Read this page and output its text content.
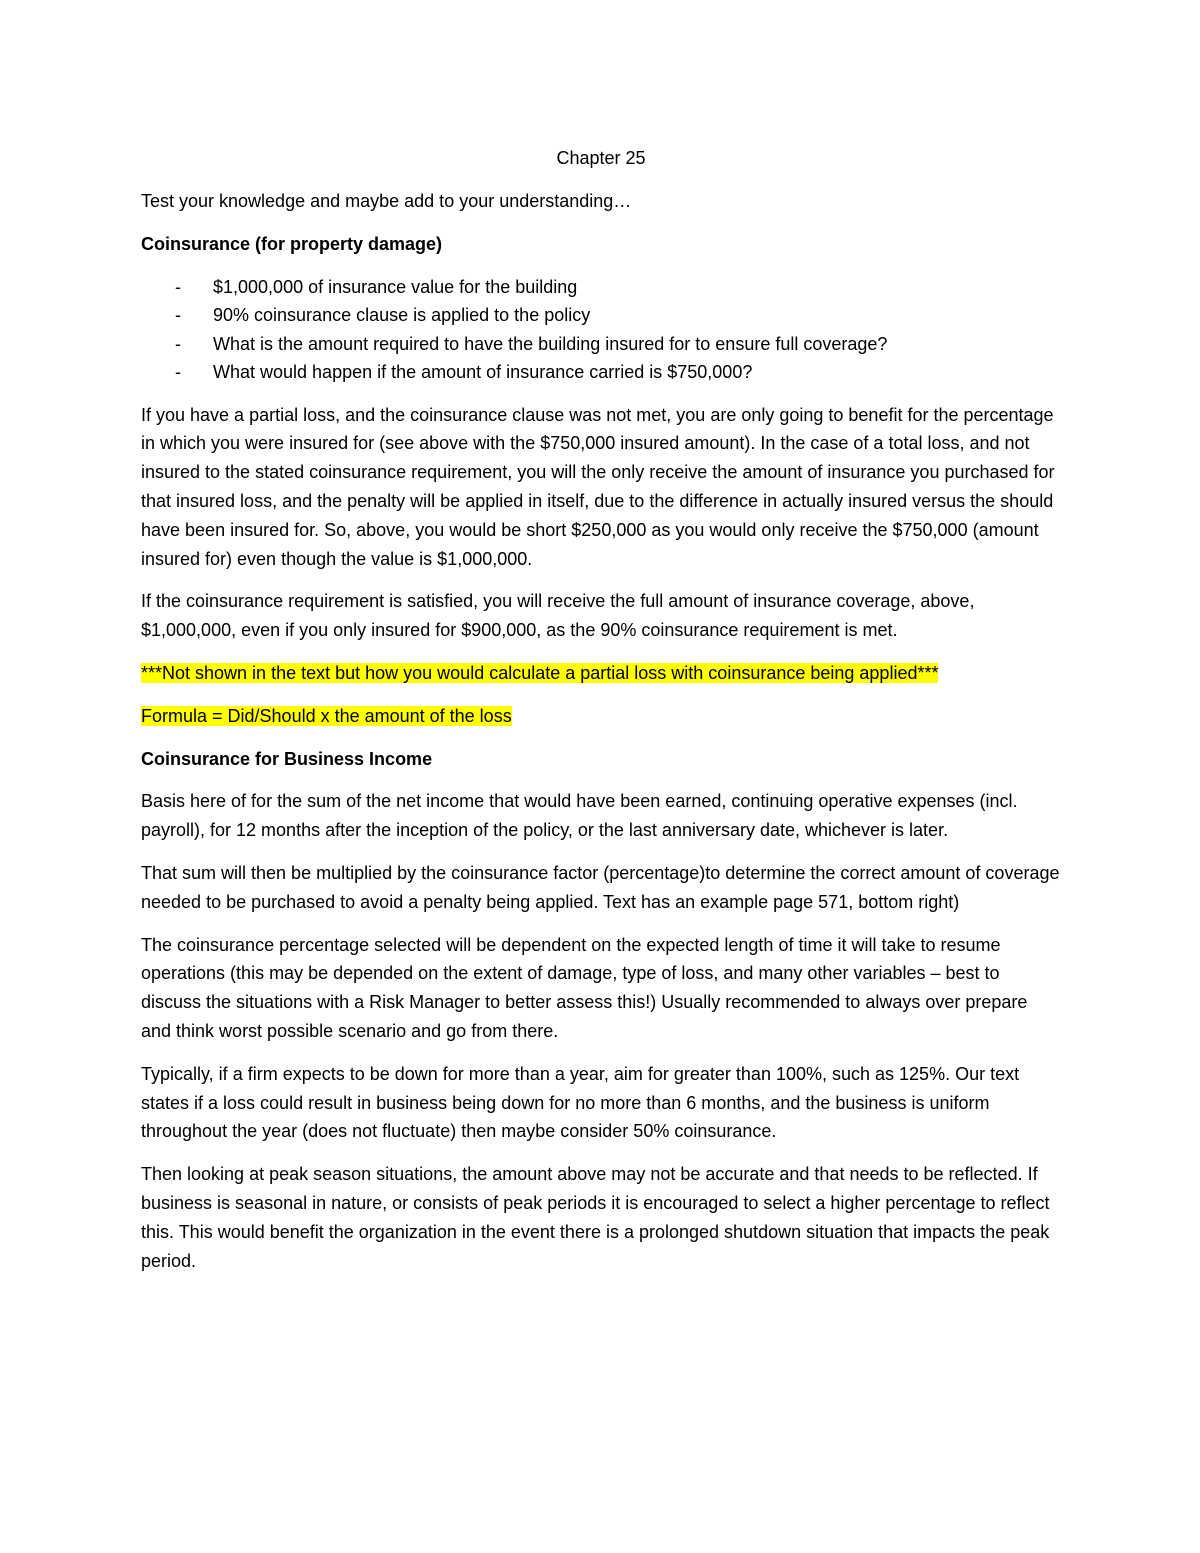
Chapter 25

Test your knowledge and maybe add to your understanding…

Coinsurance (for property damage)

- $1,000,000 of insurance value for the building
- 90% coinsurance clause is applied to the policy
- What is the amount required to have the building insured for to ensure full coverage?
- What would happen if the amount of insurance carried is $750,000?

If you have a partial loss, and the coinsurance clause was not met, you are only going to benefit for the percentage in which you were insured for (see above with the $750,000 insured amount). In the case of a total loss, and not insured to the stated coinsurance requirement, you will the only receive the amount of insurance you purchased for that insured loss, and the penalty will be applied in itself, due to the difference in actually insured versus the should have been insured for. So, above, you would be short $250,000 as you would only receive the $750,000 (amount insured for) even though the value is $1,000,000.

If the coinsurance requirement is satisfied, you will receive the full amount of insurance coverage, above, $1,000,000, even if you only insured for $900,000, as the 90% coinsurance requirement is met.

***Not shown in the text but how you would calculate a partial loss with coinsurance being applied***

Formula = Did/Should x the amount of the loss

Coinsurance for Business Income

Basis here of for the sum of the net income that would have been earned, continuing operative expenses (incl. payroll), for 12 months after the inception of the policy, or the last anniversary date, whichever is later.

That sum will then be multiplied by the coinsurance factor (percentage)to determine the correct amount of coverage needed to be purchased to avoid a penalty being applied. Text has an example page 571, bottom right)

The coinsurance percentage selected will be dependent on the expected length of time it will take to resume operations (this may be depended on the extent of damage, type of loss, and many other variables – best to discuss the situations with a Risk Manager to better assess this!) Usually recommended to always over prepare and think worst possible scenario and go from there.

Typically, if a firm expects to be down for more than a year, aim for greater than 100%, such as 125%. Our text states if a loss could result in business being down for no more than 6 months, and the business is uniform throughout the year (does not fluctuate) then maybe consider 50% coinsurance.

Then looking at peak season situations, the amount above may not be accurate and that needs to be reflected. If business is seasonal in nature, or consists of peak periods it is encouraged to select a higher percentage to reflect this. This would benefit the organization in the event there is a prolonged shutdown situation that impacts the peak period.
